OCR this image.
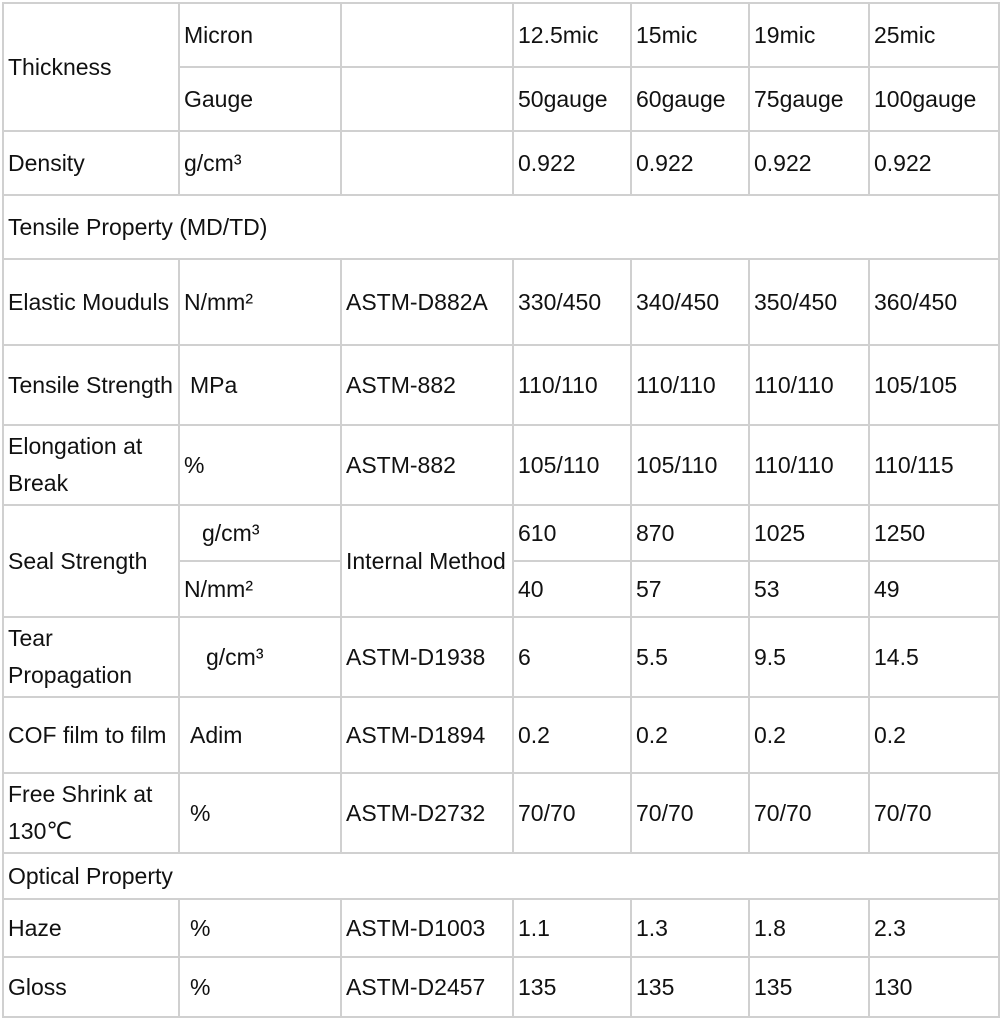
Thickness	Micron		12.5mic	15mic	19mic	25mic
	Gauge		50gauge	60gauge	75gauge	100gauge
Density	g/cm³		0.922	0.922	0.922	0.922
Tensile Property (MD/TD)						
Elastic Mouduls	N/mm²	ASTM-D882A	330/450	340/450	350/450	360/450
Tensile Strength	MPa	ASTM-882	110/110	110/110	110/110	105/105
Elongation at Break	%	ASTM-882	105/110	105/110	110/110	110/115
Seal Strength	g/cm³	Internal Method	610	870	1025	1250
	N/mm²		40	57	53	49
Tear Propagation	g/cm³	ASTM-D1938	6	5.5	9.5	14.5
COF film to film	Adim	ASTM-D1894	0.2	0.2	0.2	0.2
Free Shrink at 130℃	%	ASTM-D2732	70/70	70/70	70/70	70/70
Optical Property						
Haze	%	ASTM-D1003	1.1	1.3	1.8	2.3
Gloss	%	ASTM-D2457	135	135	135	130
